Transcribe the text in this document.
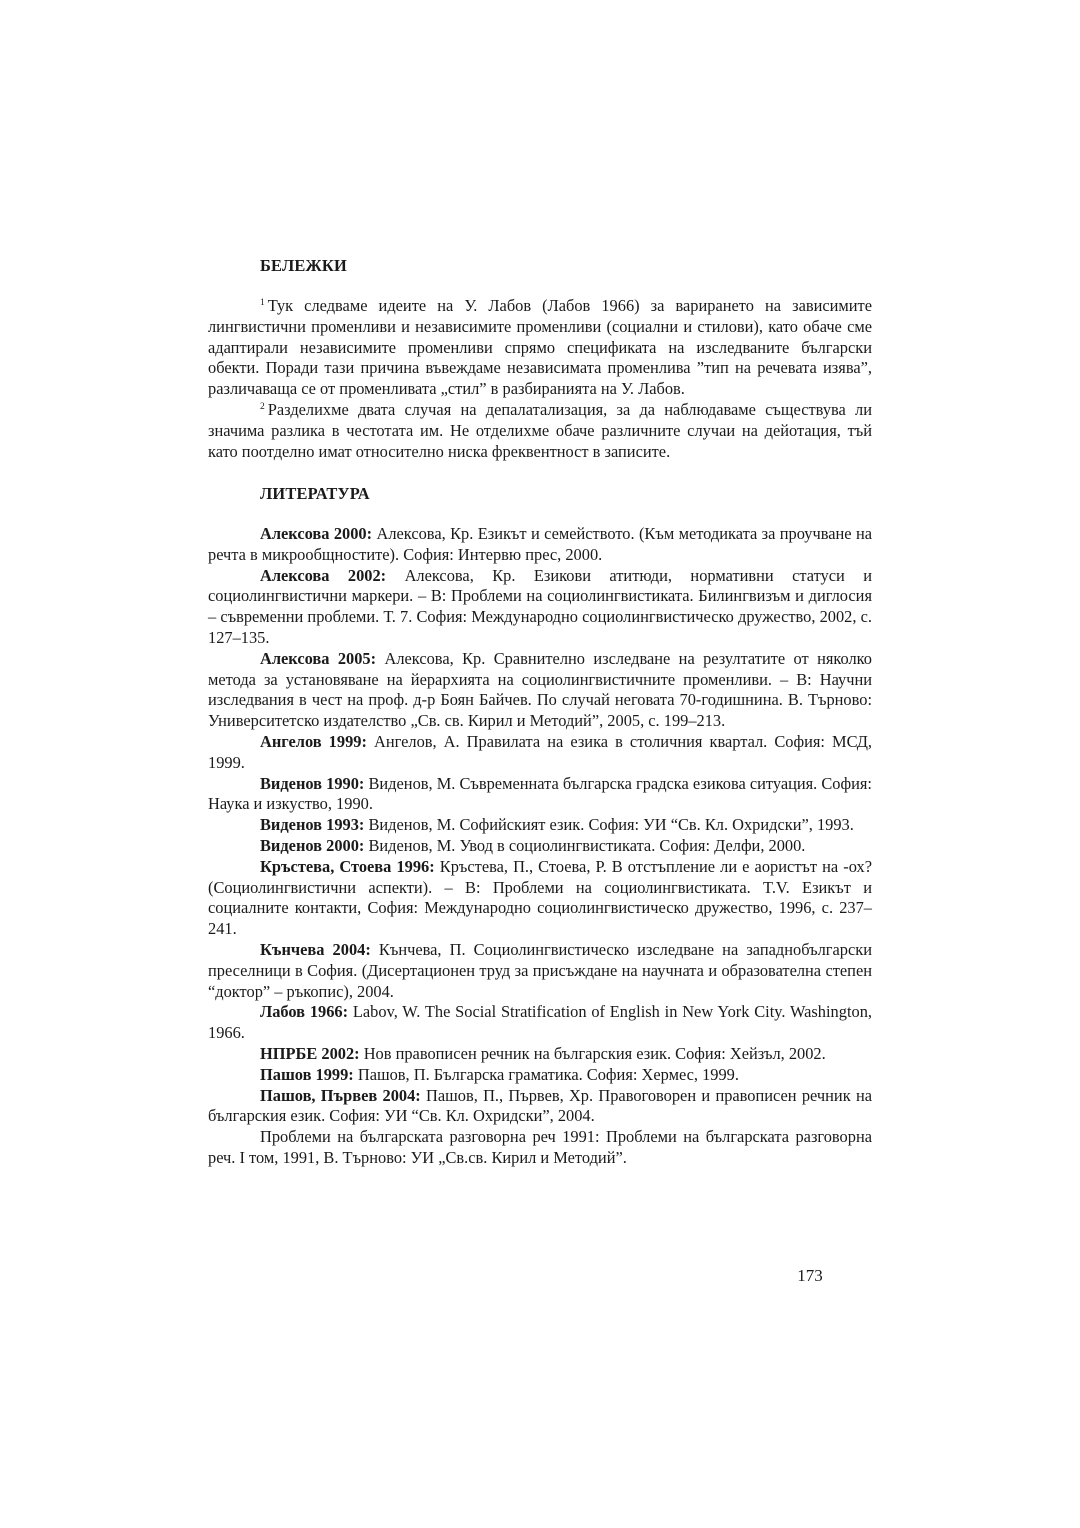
БЕЛЕЖКИ

$^1$ Тук следваме идеите на У. Лабов (Лабов 1966) за варирането на зависимите лингвистични променливи и независимите променливи (социални и стилови), като обаче сме адаптирали независимите променливи спрямо спецификата на изследваните български обекти. Поради тази причина въвеждаме независимата променлива ”тип на речевата изява”, различаваща се от променливата „стил” в разбиранията на У. Лабов.

$^2$ Разделихме двата случая на депалатализация, за да наблюдаваме съществува ли значима разлика в честотата им. Не отделихме обаче различните случаи на дейотация, тъй като поотделно имат относително ниска фреквентност в записите.

ЛИТЕРАТУРА

Алексова 2000: Алексова, Кр. Езикът и семейството. (Към методиката за проучване на речта в микрообщностите). София: Интервю прес, 2000.

Алексова 2002: Алексова, Кр. Езикови атитюди, нормативни статуси и социолингвистични маркери. – В: Проблеми на социолингвистиката. Билингвизъм и диглосия – съвременни проблеми. Т. 7. София: Международно социолингвистическо дружество, 2002, с. 127–135.

Алексова 2005: Алексова, Кр. Сравнително изследване на резултатите от няколко метода за установяване на йерархията на социолингвистичните променливи. – В: Научни изследвания в чест на проф. д-р Боян Байчев. По случай неговата 70-годишнина. В. Търново: Университетско издателство „Св. св. Кирил и Методий”, 2005, с. 199–213.

Ангелов 1999: Ангелов, А. Правилата на езика в столичния квартал. София: МСД, 1999.

Виденов 1990: Виденов, М. Съвременната българска градска езикова ситуация. София: Наука и изкуство, 1990.

Виденов 1993: Виденов, М. Софийският език. София: УИ “Св. Кл. Охридски”, 1993.

Виденов 2000: Виденов, М. Увод в социолингвистиката. София: Делфи, 2000.

Кръстева, Стоева 1996: Кръстева, П., Стоева, Р. В отстъпление ли е аористът на -ох? (Социолингвистични аспекти). – В: Проблеми на социолингвистиката. T.V. Езикът и социалните контакти, София: Международно социолингвистическо дружество, 1996, с. 237–241.

Кънчева 2004: Кънчева, П. Социолингвистическо изследване на западнобългарски преселници в София. (Дисертационен труд за присъждане на научната и образователна степен “доктор” – ръкопис), 2004.

Лабов 1966: Labov, W. The Social Stratification of English in New York City. Washington, 1966.

НПРБЕ 2002: Нов правописен речник на българския език. София: Хейзъл, 2002.

Пашов 1999: Пашов, П. Българска граматика. София: Хермес, 1999.

Пашов, Първев 2004: Пашов, П., Първев, Хр. Правоговорен и правописен речник на българския език. София: УИ “Св. Кл. Охридски”, 2004.

Проблеми на българската разговорна реч 1991: Проблеми на българската разговорна реч. I том, 1991, В. Търново: УИ „Св.св. Кирил и Методий”.

173
